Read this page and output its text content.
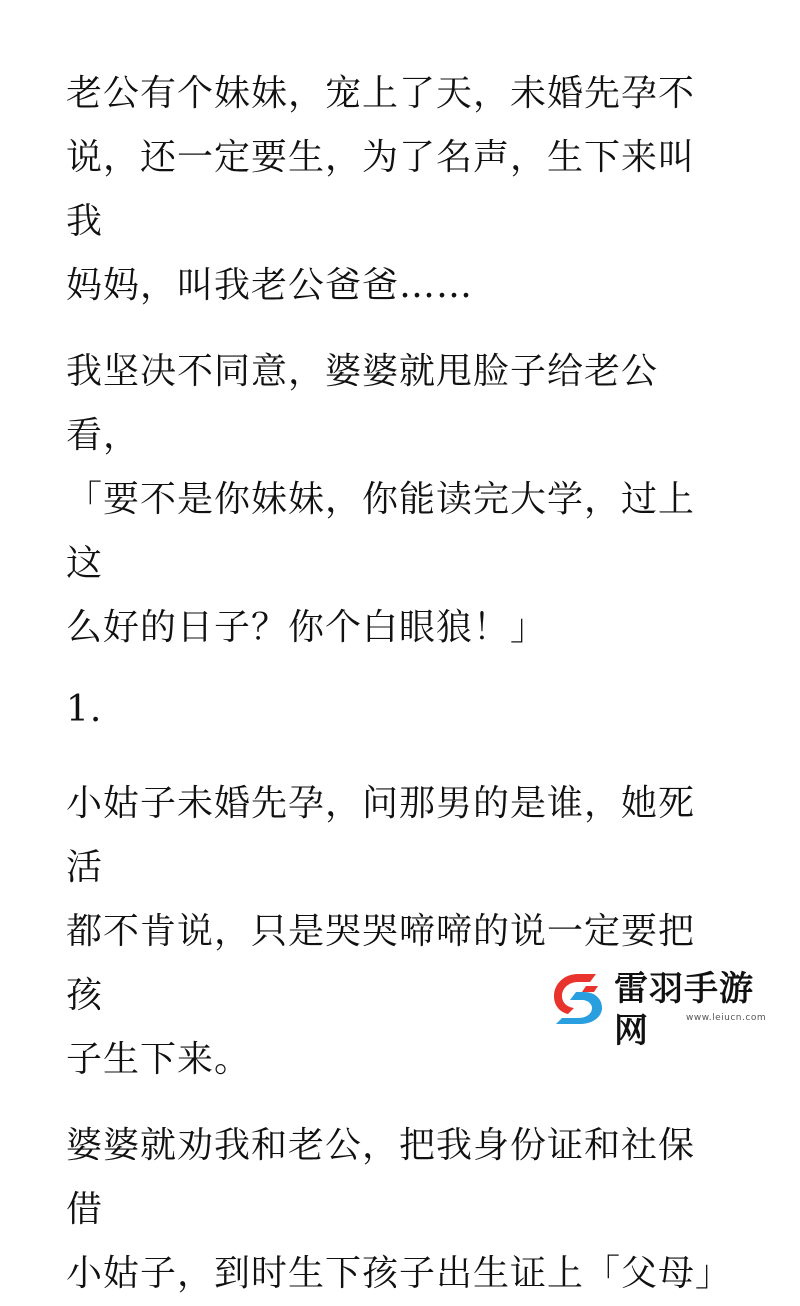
老公有个妹妹，宠上了天，未婚先孕不
说，还一定要生，为了名声，生下来叫我
妈妈，叫我老公爸爸……

我坚决不同意，婆婆就甩脸子给老公看，
「要不是你妹妹，你能读完大学，过上这
么好的日子？你个白眼狼！」

1.

小姑子未婚先孕，问那男的是谁，她死活
都不肯说，只是哭哭啼啼的说一定要把孩
子生下来。

婆婆就劝我和老公，把我身份证和社保借
小姑子，到时生下孩子出生证上「父母」

雷羽手游网	www.leiucn.com
